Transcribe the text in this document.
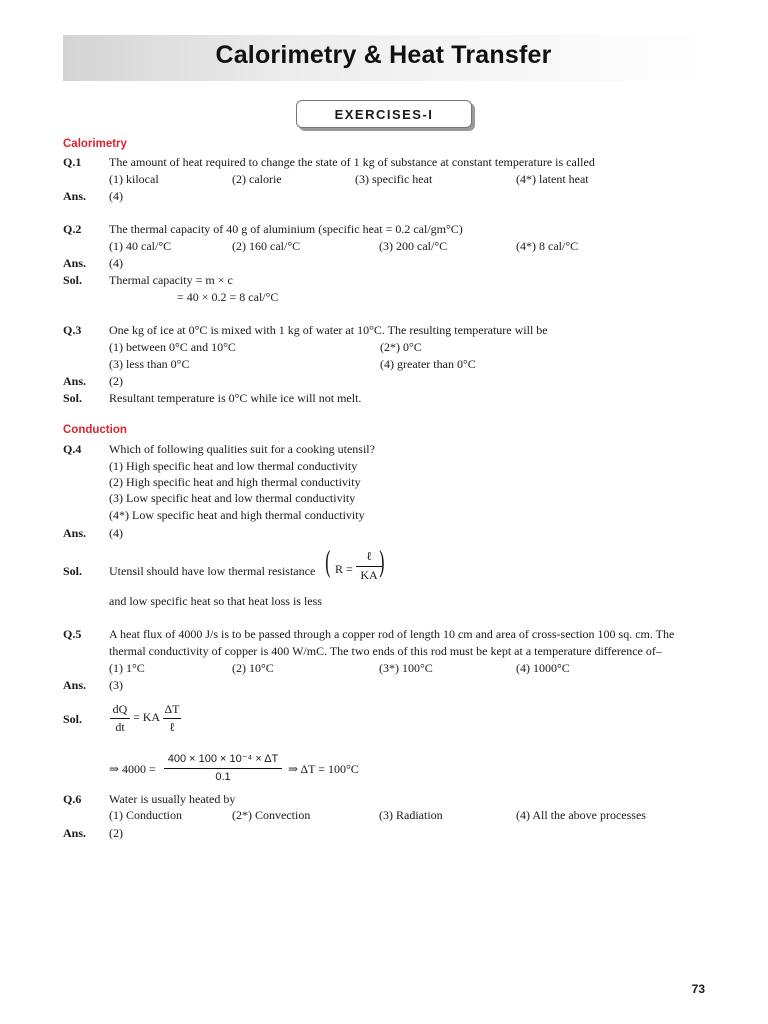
Calorimetry & Heat Transfer
EXERCISES-I
Calorimetry
Q.1 The amount of heat required to change the state of 1 kg of substance at constant temperature is called
(1) kilocal	(2) calorie	(3) specific heat	(4*) latent heat
Ans. (4)
Q.2 The thermal capacity of 40 g of aluminium (specific heat = 0.2 cal/gm°C)
(1) 40 cal/°C	(2) 160 cal/°C	(3) 200 cal/°C	(4*) 8 cal/°C
Ans. (4)
Sol. Thermal capacity = m × c
= 40 × 0.2 = 8 cal/°C
Q.3 One kg of ice at 0°C is mixed with 1 kg of water at 10°C. The resulting temperature will be
(1) between 0°C and 10°C	(2*) 0°C
(3) less than 0°C	(4) greater than 0°C
Ans. (2)
Sol. Resultant temperature is 0°C while ice will not melt.
Conduction
Q.4 Which of following qualities suit for a cooking utensil?
(1) High specific heat and low thermal conductivity
(2) High specific heat and high thermal conductivity
(3) Low specific heat and low thermal conductivity
(4*) Low specific heat and high thermal conductivity
Ans. (4)
Sol. Utensil should have low thermal resistance ( R =
ℓ
KA )
and low specific heat so that heat loss is less
Q.5 A heat flux of 4000 J/s is to be passed through a copper rod of length 10 cm and area of cross-section 100 sq. cm. The
thermal conductivity of copper is 400 W/mC. The two ends of this rod must be kept at a temperature difference of–
(1) 1°C	(2) 10°C	(3*) 100°C	(4) 1000°C
Ans. (3)
Sol.
dQ
dt
= KA
ΔT
ℓ
⇒ 4000 =
400 × 100 × 10⁻⁴ × ΔT
0.1
⇒ ΔT = 100°C
Q.6 Water is usually heated by
(1) Conduction	(2*) Convection	(3) Radiation	(4) All the above processes
Ans. (2)
73
